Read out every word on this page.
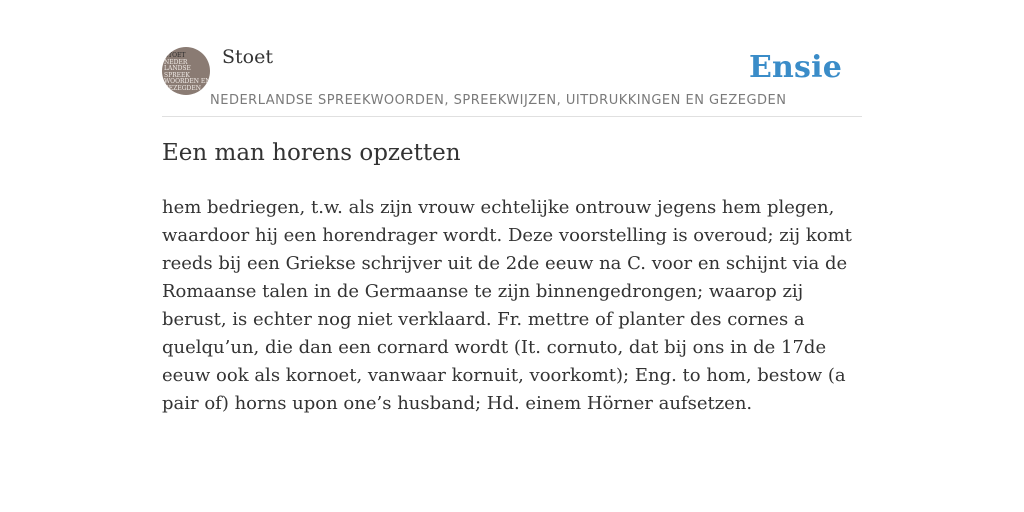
STOET
NEDER
LANDSE
SPREEK
WOORDEN EN
GEZEGDEN
Stoet	Ensie
NEDERLANDSE SPREEKWOORDEN, SPREEKWIJZEN, UITDRUKKINGEN EN GEZEGDEN
Een man horens opzetten

hem bedriegen, t.w. als zijn vrouw echtelijke ontrouw jegens hem plegen, waardoor hij een horendrager wordt. Deze voorstelling is overoud; zij komt reeds bij een Griekse schrijver uit de 2de eeuw na C. voor en schijnt via de Romaanse talen in de Germaanse te zijn binnengedrongen; waarop zij berust, is echter nog niet verklaard. Fr. mettre of planter des cornes a quelqu’un, die dan een cornard wordt (It. cornuto, dat bij ons in de 17de eeuw ook als kornoet, vanwaar kornuit, voorkomt); Eng. to hom, bestow (a pair of) horns upon one’s husband; Hd. einem Hörner aufsetzen.
